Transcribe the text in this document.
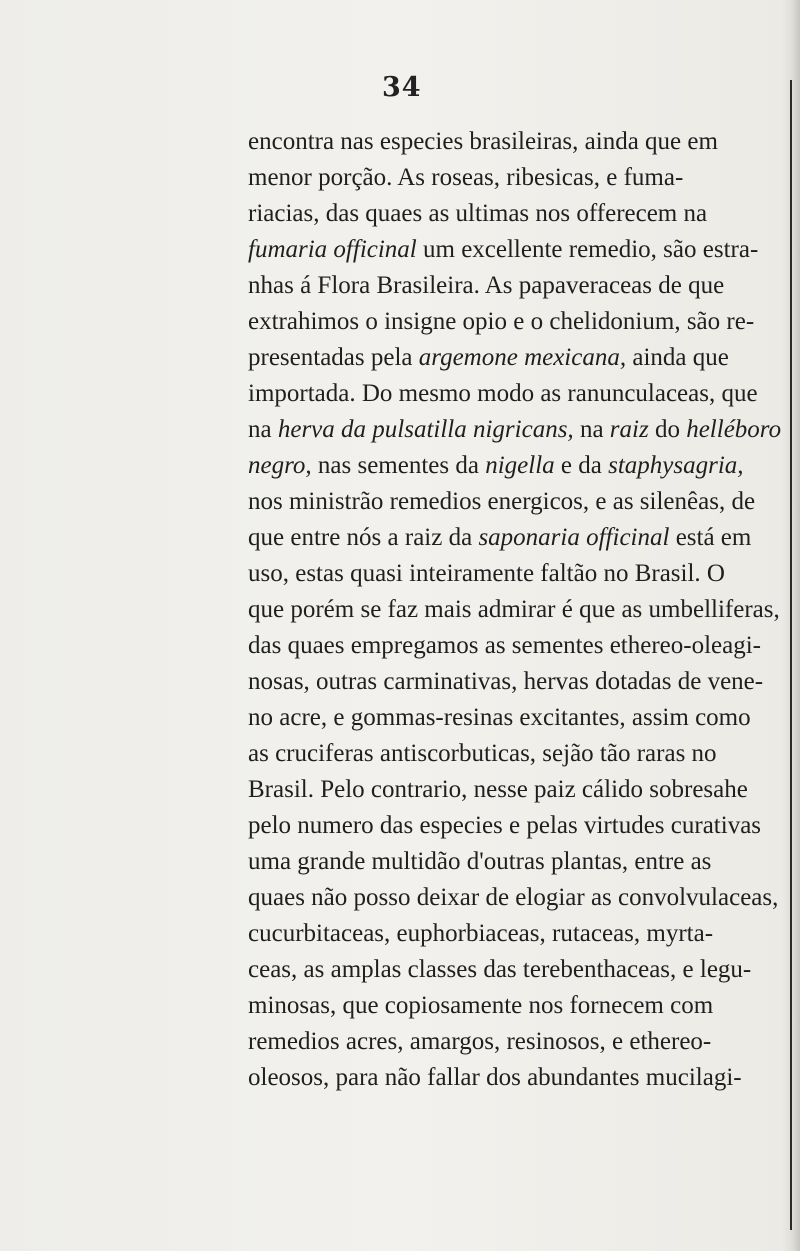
34
encontra nas especies brasileiras, ainda que em
menor porção. As roseas, ribesicas, e fuma-
riacias, das quaes as ultimas nos offerecem na
fumaria officinal um excellente remedio, são estra-
nhas á Flora Brasileira. As papaveraceas de que
extrahimos o insigne opio e o chelidonium, são re-
presentadas pela argemone mexicana, ainda que
importada. Do mesmo modo as ranunculaceas, que
na herva da pulsatilla nigricans, na raiz do helléboro
negro, nas sementes da nigella e da staphysagria,
nos ministrão remedios energicos, e as silenêas, de
que entre nós a raiz da saponaria officinal está em
uso, estas quasi inteiramente faltão no Brasil. O
que porém se faz mais admirar é que as umbelliferas,
das quaes empregamos as sementes ethereo-oleagi-
nosas, outras carminativas, hervas dotadas de vene-
no acre, e gommas-resinas excitantes, assim como
as cruciferas antiscorbuticas, sejão tão raras no
Brasil. Pelo contrario, nesse paiz cálido sobresahe
pelo numero das especies e pelas virtudes curativas
uma grande multidão d'outras plantas, entre as
quaes não posso deixar de elogiar as convolvulaceas,
cucurbitaceas, euphorbiaceas, rutaceas, myrta-
ceas, as amplas classes das terebenthaceas, e legu-
minosas, que copiosamente nos fornecem com
remedios acres, amargos, resinosos, e ethereo-
oleosos, para não fallar dos abundantes mucilagi-
